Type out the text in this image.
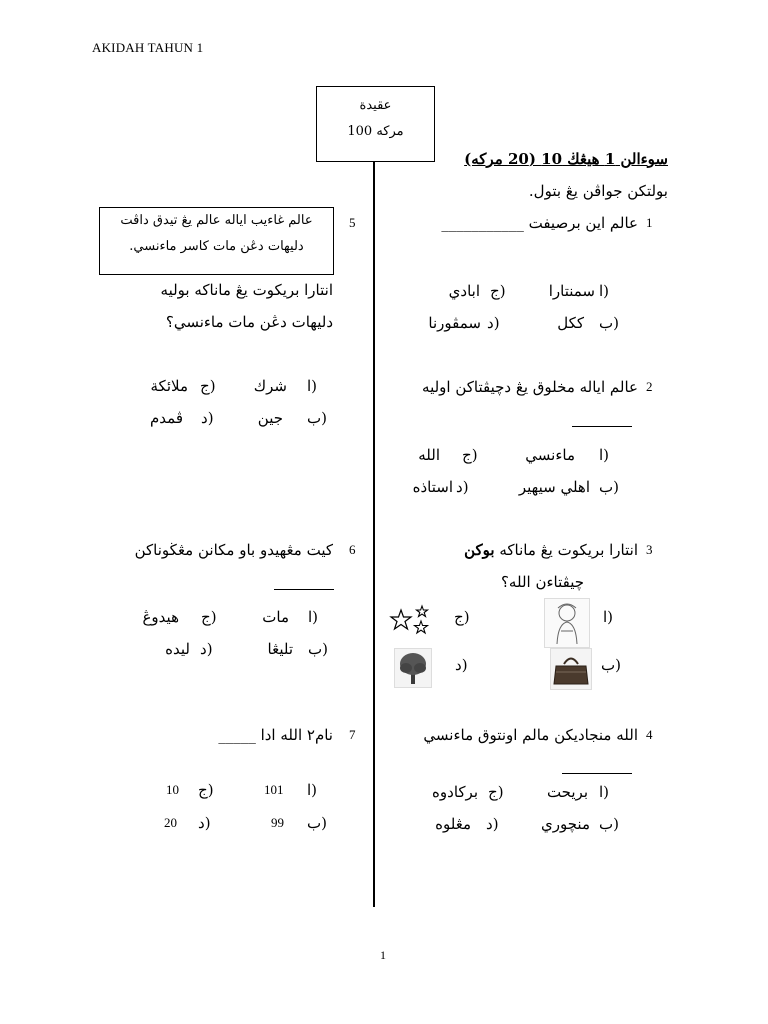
AKIDAH TAHUN 1
عقيدة
100 مركه
سوءالن 1 هيڠڬ 10 (20 مركه)
بولتكن جواڤن يڠ بتول.
1
عالم اين برصيفت ___________
ا)
سمنتارا
ج)
ابادي
ب)
ككل
د)
سمڤورنا
2
عالم اياله مخلوق يڠ دچيڤتاكن اوليه
ا)
ماءنسي
ج)
الله
ب)
اهلي سيهير
د)
استاذه
3
انتارا بريكوت يڠ ماناكه بوكن
چيڤتاءن الله؟
ا)
ج)
ب)
د)
4
الله منجاديكن مالم اونتوق ماءنسي
ا)
بريحت
ج)
بركادوه
ب)
منچوري
د)
مڠلوه
5
عالم غاءيب اياله عالم يڠ تيدق داڤت
دليهات دڠن مات كاسر ماءنسي.
انتارا بريكوت يڠ ماناكه بوليه
دليهات دڠن مات ماءنسي؟
ا)
شرك
ج)
ملائكة
ب)
جين
د)
ڤمدم
6
كيت مڠهيدو باو مكانن مڠڬوناكن
ا)
مات
ج)
هيدوڠ
ب)
تليڠا
د)
ليده
7
نام٢ الله ادا _____
ا)
101
ج)
10
ب)
99
د)
20
1
